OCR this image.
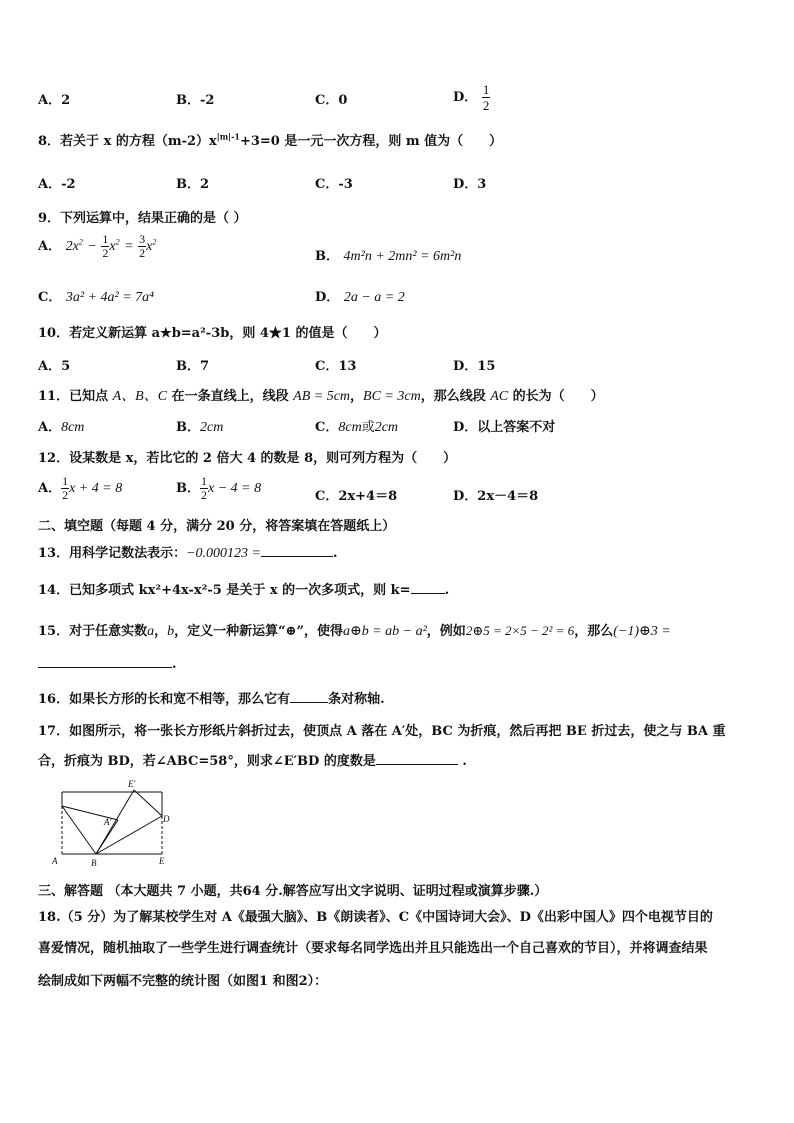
A．2	B．-2	C．0	D． $\frac{1}{2}$
8．若关于 x 的方程$(m-2)x^{|m|-1}+3=0$ 是一元一次方程，则 m 值为（　　）
A．-2	B．2	C．-3	D．3
9．下列运算中，结果正确的是（ ）
A． $2x^2 - \frac{1}{2} x^2 = \frac{3}{2} x^2$
B． 4m²n + 2mn² = 6m²n
C． 3a² + 4a² = 7a⁴	D． 2a − a = 2
10．若定义新运算 a★b=a²-3b，则 4★1 的值是（　　）
A．5	B．7	C．13	D．15
11．已知点 A、B、C 在一条直线上，线段 AB = 5cm，BC = 3cm，那么线段 AC 的长为（　　）
A．8cm	B．2cm	C．8cm或2cm	D．以上答案不对
12．设某数是 x，若比它的 2 倍大 4 的数是 8，则可列方程为（　　）
A． $\frac{1}{2}$ x + 4 = 8	B． $\frac{1}{2}$ x − 4 = 8
C．2x+4＝8	D．2x－4＝8
二、填空题（每题 4 分，满分 20 分，将答案填在答题纸上）
13．用科学记数法表示：−0.000123 =	.
14．已知多项式 kx²+4x-x²-5 是关于 x 的一次多项式，则 k=	.
15．对于任意实数a，b，定义一种新运算“⊕”，使得a⊕b = ab − a²，例如2⊕5 = 2×5 − 2² = 6，那么(−1)⊕3 =
.
16．如果长方形的长和宽不相等，那么它有	条对称轴.
17．如图所示，将一张长方形纸片斜折过去，使顶点 A 落在 A′处，BC 为折痕，然后再把 BE 折过去，使之与 BA 重
合，折痕为 BD，若∠ABC=58°，则求∠E′BD 的度数是	.
A	B	E
D
E′
A′
三、解答题 （本大题共 7 小题，共64 分.解答应写出文字说明、证明过程或演算步骤.）
18.（5 分）为了解某校学生对 A《最强大脑》、B《朗读者》、C《中国诗词大会》、D《出彩中国人》四个电视节目的
喜爱情况，随机抽取了一些学生进行调查统计（要求每名同学选出并且只能选出一个自己喜欢的节目），并将调查结果
绘制成如下两幅不完整的统计图（如图1 和图2）：
